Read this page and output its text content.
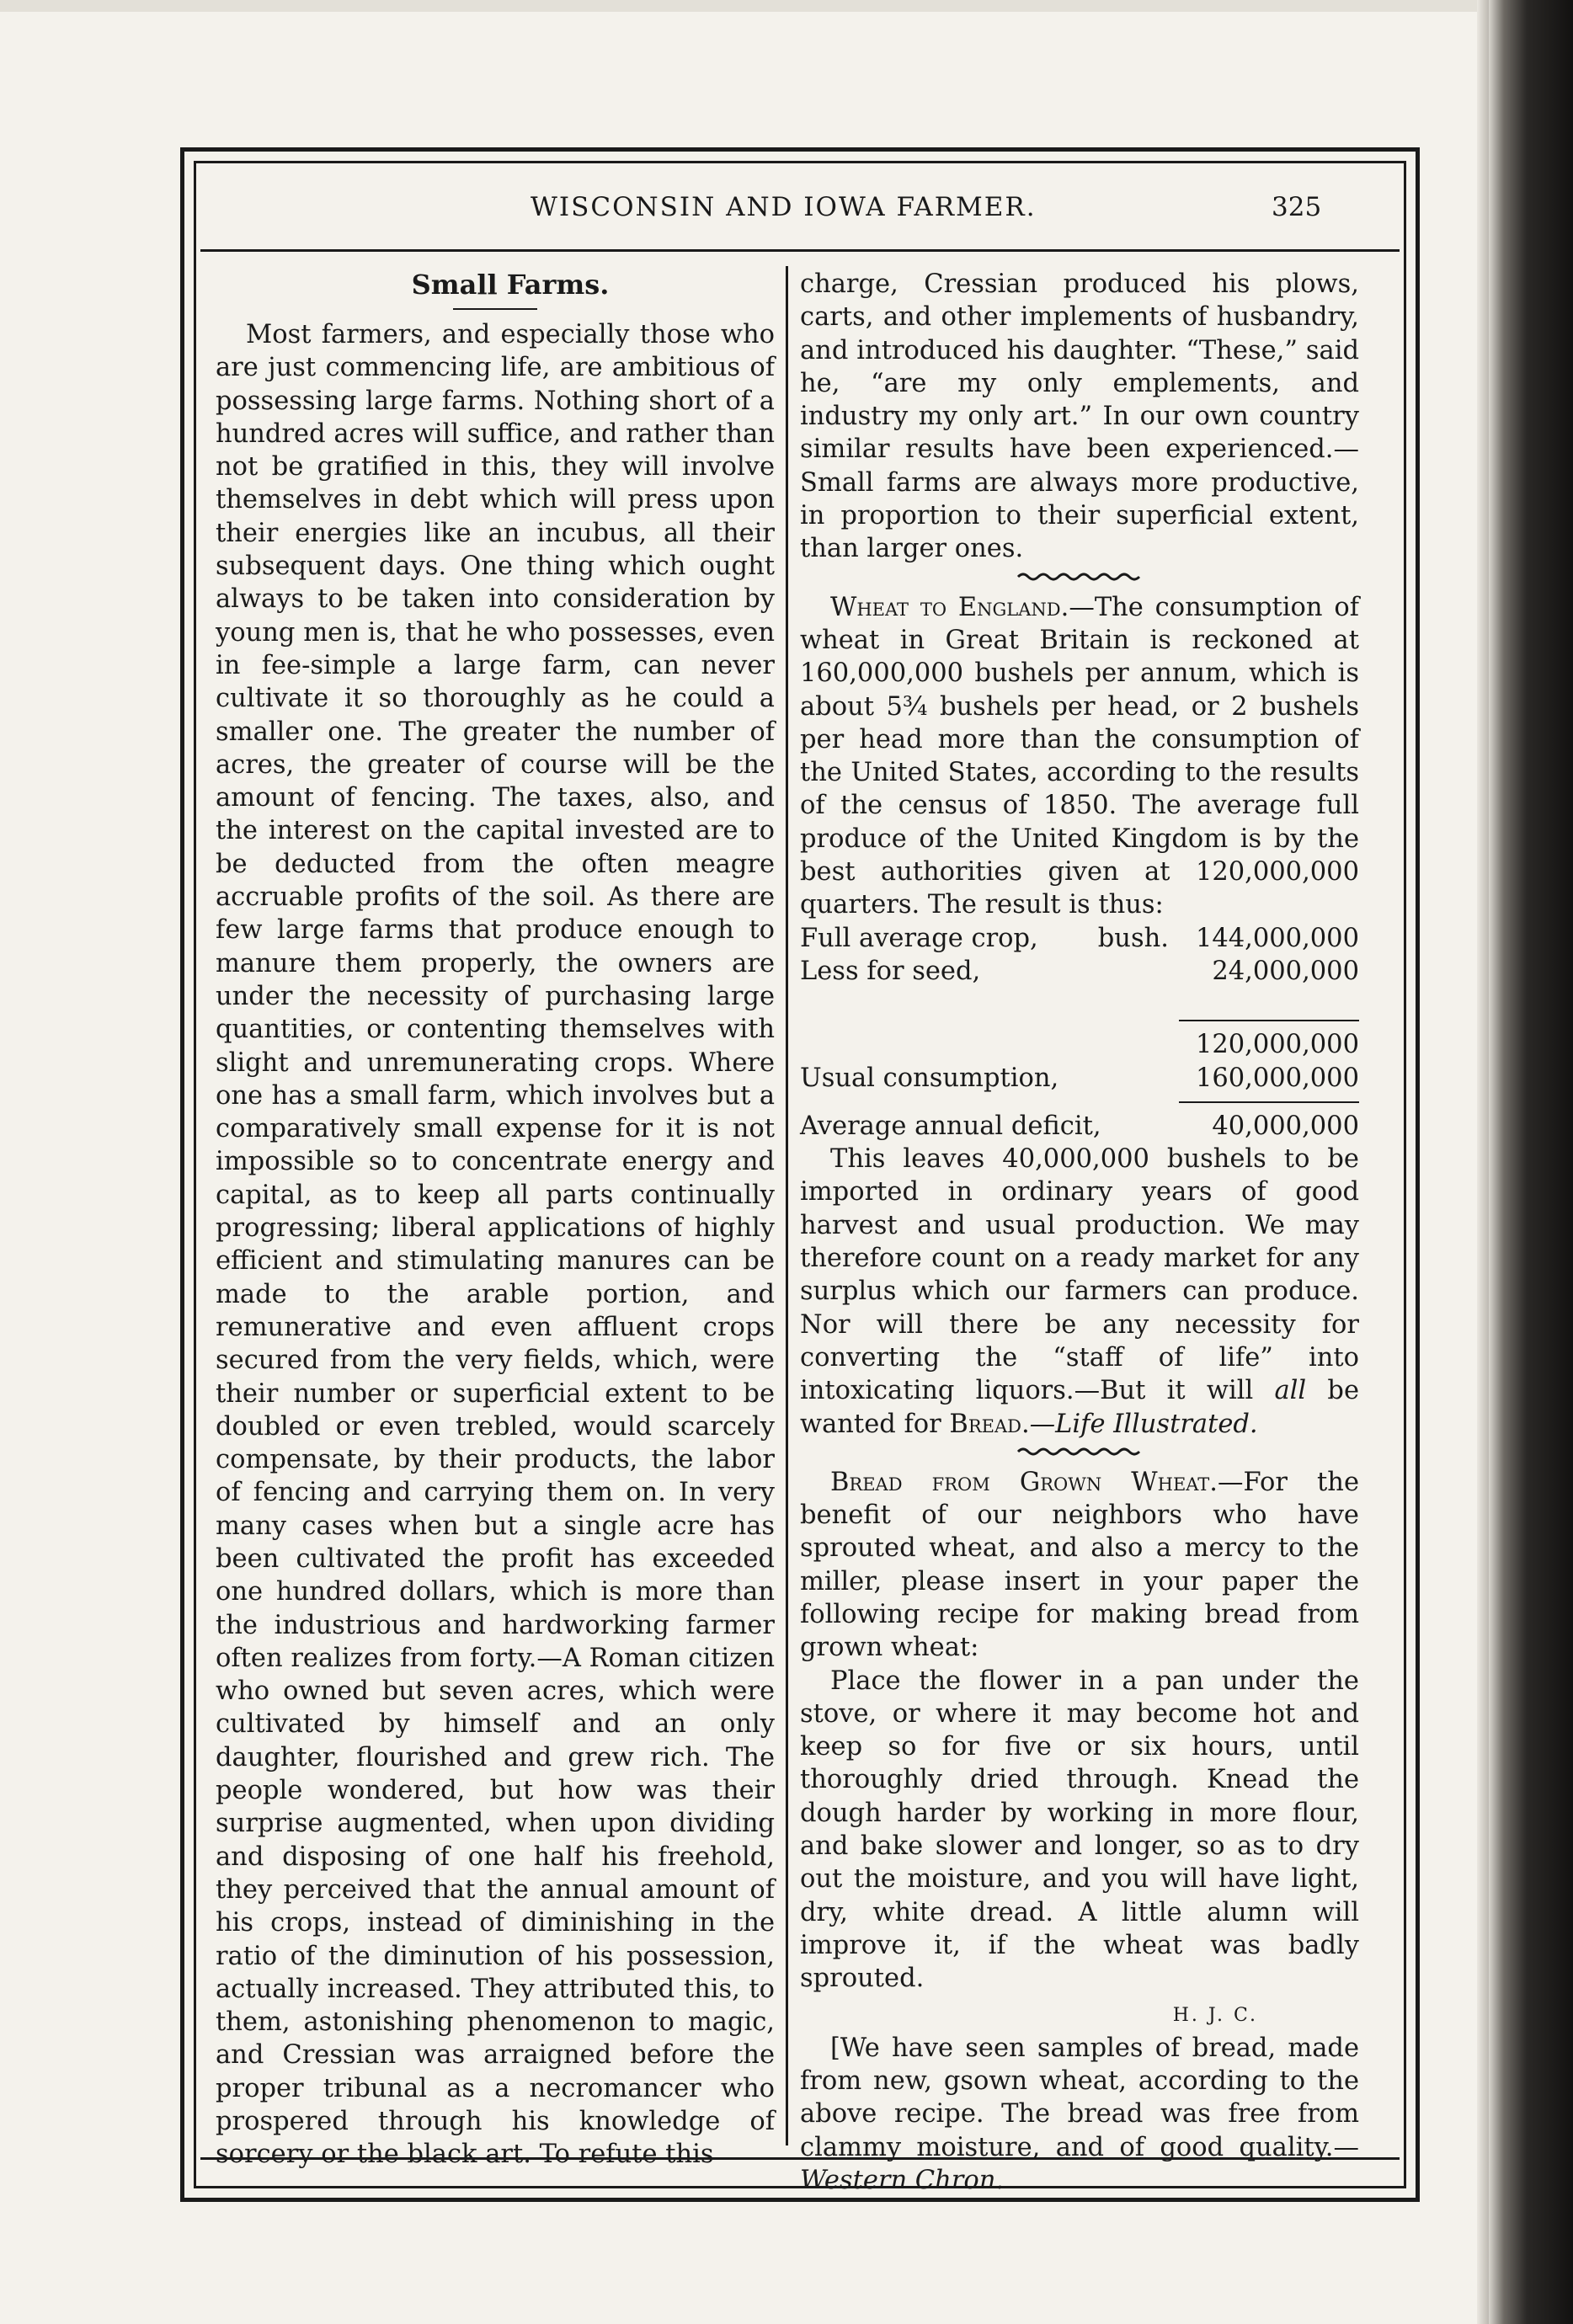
WISCONSIN AND IOWA FARMER.	325

Small Farms.

Most farmers, and especially those who are just commencing life, are ambitious of possessing large farms. Nothing short of a hundred acres will suffice, and rather than not be gratified in this, they will involve themselves in debt which will press upon their energies like an incubus, all their subsequent days. One thing which ought always to be taken into consideration by young men is, that he who possesses, even in fee-simple a large farm, can never cultivate it so thoroughly as he could a smaller one. The greater the number of acres, the greater of course will be the amount of fencing. The taxes, also, and the interest on the capital invested are to be deducted from the often meagre accruable profits of the soil. As there are few large farms that produce enough to manure them properly, the owners are under the necessity of purchasing large quantities, or contenting themselves with slight and unremunerating crops. Where one has a small farm, which involves but a comparatively small expense for it is not impossible so to concentrate energy and capital, as to keep all parts continually progressing; liberal applications of highly efficient and stimulating manures can be made to the arable portion, and remunerative and even affluent crops secured from the very fields, which, were their number or superficial extent to be doubled or even trebled, would scarcely compensate, by their products, the labor of fencing and carrying them on. In very many cases when but a single acre has been cultivated the profit has exceeded one hundred dollars, which is more than the industrious and hardworking farmer often realizes from forty.—A Roman citizen who owned but seven acres, which were cultivated by himself and an only daughter, flourished and grew rich. The people wondered, but how was their surprise augmented, when upon dividing and disposing of one half his freehold, they perceived that the annual amount of his crops, instead of diminishing in the ratio of the diminution of his possession, actually increased. They attributed this, to them, astonishing phenomenon to magic, and Cressian was arraigned before the proper tribunal as a necromancer who prospered through his knowledge of sorcery or the black art. To refute this

charge, Cressian produced his plows, carts, and other implements of husbandry, and introduced his daughter. “These,” said he, “are my only emplements, and industry my only art.” In our own country similar results have been experienced.—Small farms are always more productive, in proportion to their superficial extent, than larger ones.

Wheat to England.—The consumption of wheat in Great Britain is reckoned at 160,000,000 bushels per annum, which is about 5¾ bushels per head, or 2 bushels per head more than the consumption of the United States, according to the results of the census of 1850. The average full produce of the United Kingdom is by the best authorities given at 120,000,000 quarters. The result is thus:

Full average crop,	bush. 144,000,000
Less for seed,	24,000,000
120,000,000
Usual consumption,	160,000,000
Average annual deficit,	40,000,000

This leaves 40,000,000 bushels to be imported in ordinary years of good harvest and usual production. We may therefore count on a ready market for any surplus which our farmers can produce. Nor will there be any necessity for converting the “staff of life” into intoxicating liquors.—But it will all be wanted for Bread.—Life Illustrated.

Bread from Grown Wheat.—For the benefit of our neighbors who have sprouted wheat, and also a mercy to the miller, please insert in your paper the following recipe for making bread from grown wheat:

Place the flower in a pan under the stove, or where it may become hot and keep so for five or six hours, until thoroughly dried through. Knead the dough harder by working in more flour, and bake slower and longer, so as to dry out the moisture, and you will have light, dry, white dread. A little alumn will improve it, if the wheat was badly sprouted.

H. J. C.

[We have seen samples of bread, made from new, gsown wheat, according to the above recipe. The bread was free from clammy moisture, and of good quality.—Western Chron.
